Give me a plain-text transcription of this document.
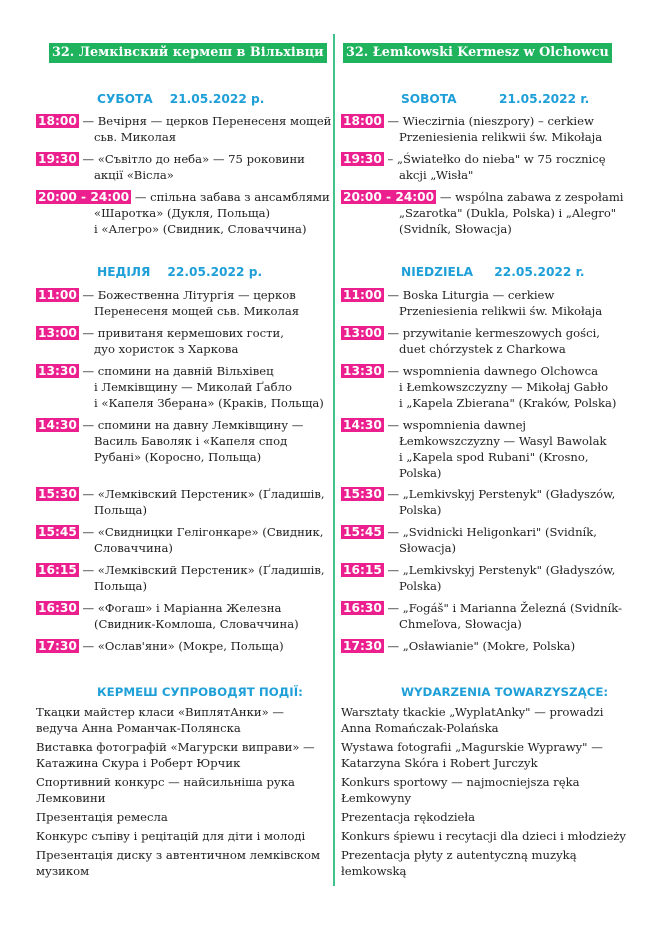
32. Лемківский кермеш в Вільхівци 32. Łemkowski Kermesz w Olchowcu
СУБОТА    21.05.2022 р.
18:00 — Вечірня — церков Перенесеня мощей
сьв. Миколая
19:30 — «Съвітло до неба» — 75 роковини
акції «Вісла»
20:00 - 24:00 — спільна забава з ансамблями
«Шаротка» (Дукля, Польща)
і «Алегро» (Свидник, Словаччина)
НЕДІЛЯ    22.05.2022 р.
11:00 — Божественна Літургія — церков
Перенесеня мощей сьв. Миколая
13:00 — привитаня кермешових гости,
дуо хористок з Харкова
13:30 — спомини на давній Вільхівец
і Лемківщину — Миколай Ґабло
і «Капеля Зберана» (Краків, Польща)
14:30 — спомини на давну Лемківщину —
Василь Баволяк і «Капеля спод
Рубані» (Коросно, Польща)
15:30 — «Лемківский Перстеник» (Ґладишів,
Польща)
15:45 — «Свидницки Гелігонкаре» (Свидник,
Словаччина)
16:15 — «Лемківский Перстеник» (Ґладишів,
Польща)
16:30 — «Фогаш» і Маріанна Железна
(Свидник-Комлоша, Словаччина)
17:30 — «Ослав'яни» (Мокре, Польща)
КЕРМЕШ СУПРОВОДЯТ ПОДІЇ:
Ткацки майстер класи «ВиплятАнки» —
ведуча Анна Романчак-Полянска
Виставка фотографій «Магурски виправи» —
Катажина Скура і Роберт Юрчик
Спортивний конкурс — найсильніша рука
Лемковини
Презентація ремесла
Конкурс съпіву і рецітацій для діти і молоді
Презентація диску з автентичном лемківском
музиком
SOBOTA          21.05.2022 r.
18:00 — Wieczirnia (nieszpory) – cerkiew
Przeniesienia relikwii św. Mikołaja
19:30 – „Światełko do nieba" w 75 rocznicę
akcji „Wisła"
20:00 - 24:00 — wspólna zabawa z zespołami
„Szarotka" (Dukla, Polska) i „Alegro"
(Svidník, Słowacja)
NIEDZIELA     22.05.2022 r.
11:00 — Boska Liturgia — cerkiew
Przeniesienia relikwii św. Mikołaja
13:00 — przywitanie kermeszowych gości,
duet chórzystek z Charkowa
13:30 — wspomnienia dawnego Olchowca
i Łemkowszczyzny — Mikołaj Gabło
i „Kapela Zbierana" (Kraków, Polska)
14:30 — wspomnienia dawnej
Łemkowszczyzny — Wasyl Bawolak
i „Kapela spod Rubani" (Krosno,
Polska)
15:30 — „Lemkivskyj Perstenyk" (Gładyszów,
Polska)
15:45 — „Svidnicki Heligonkari" (Svidník,
Słowacja)
16:15 — „Lemkivskyj Perstenyk" (Gładyszów,
Polska)
16:30 — „Fogáš" i Marianna Železná (Svidník-
Chmeľova, Słowacja)
17:30 — „Osławianie" (Mokre, Polska)
WYDARZENIA TOWARZYSZĄCE:
Warsztaty tkackie „WyplatAnky" — prowadzi
Anna Romańczak-Polańska
Wystawa fotografii „Magurskie Wyprawy" —
Katarzyna Skóra i Robert Jurczyk
Konkurs sportowy — najmocniejsza ręka
Łemkowyny
Prezentacja rękodzieła
Konkurs śpiewu i recytacji dla dzieci i młodzieży
Prezentacja płyty z autentyczną muzyką
łemkowską
